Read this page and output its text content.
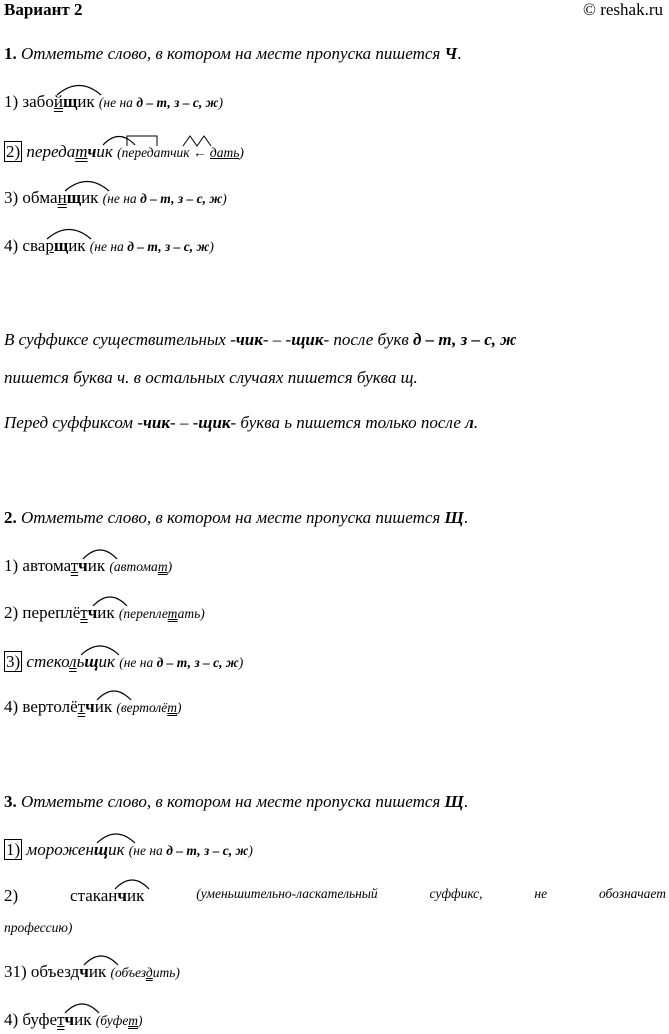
Вариант 2	© reshak.ru
1. Отметьте слово, в котором на месте пропуска пишется Ч.
1) забойщик (не на д – т, з – с, ж)
2) передатчик (передатчик ← дать)
3) обманщик (не на д – т, з – с, ж)
4) сварщик (не на д – т, з – с, ж)
В суффиксе существительных -чик- – -щик- после букв д – т, з – с, ж
пишется буква ч. в остальных случаях пишется буква щ.
Перед суффиксом -чик- – -щик- буква ь пишется только после л.
2. Отметьте слово, в котором на месте пропуска пишется Щ.
1) автоматчик (автомат)
2) переплётчик (переплетать)
3) стекольщик (не на д – т, з – с, ж)
4) вертолётчик (вертолёт)
3. Отметьте слово, в котором на месте пропуска пишется Щ.
1) мороженщик (не на д – т, з – с, ж)
2)	стаканчик	(уменьшительно-ласкательный	суффикс,	не	обозначает
профессию)
31) объездчик (объездить)
4) буфетчик (буфет)
